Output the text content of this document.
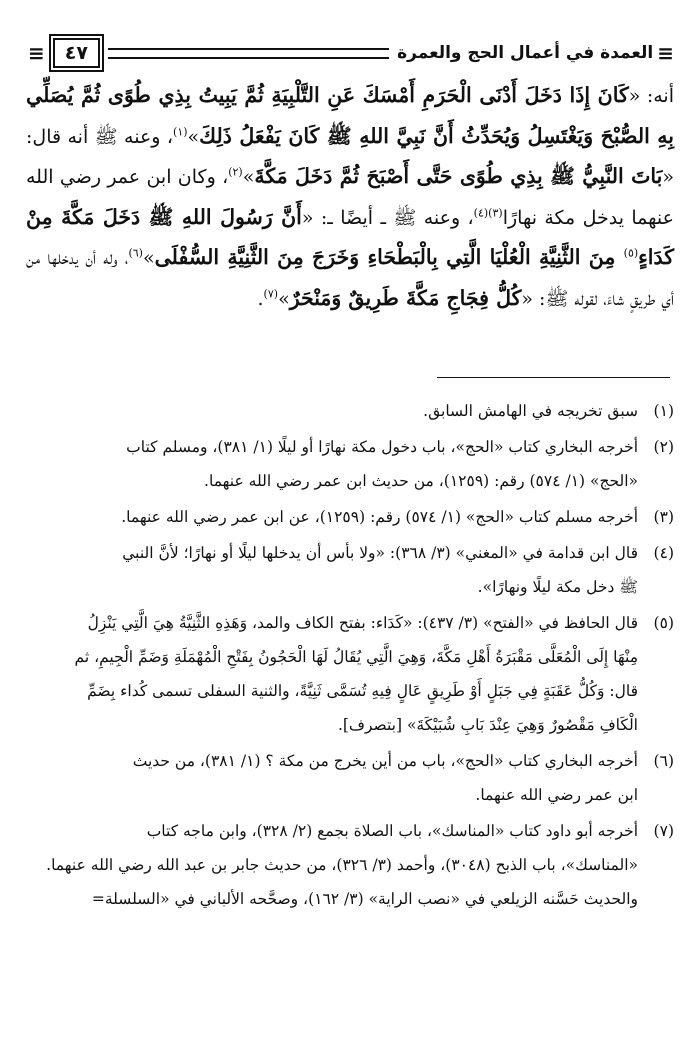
≡
العمدة في أعمال الحج والعمرة
٤٧
≡

أنه: «كَانَ إِذَا دَخَلَ أَدْنَى الْحَرَمِ أَمْسَكَ عَنِ التَّلْبِيَةِ ثُمَّ يَبِيتُ بِذِي طُوًى ثُمَّ يُصَلِّي بِهِ الصُّبْحَ وَيَغْتَسِلُ وَيُحَدِّثُ أَنَّ نَبِيَّ اللهِ ﷺ كَانَ يَفْعَلُ ذَلِكَ»$^{(١)}$، وعنه ﷺ أنه قال: «بَاتَ النَّبِيُّ ﷺ بِذِي طُوًى حَتَّى أَصْبَحَ ثُمَّ دَخَلَ مَكَّةَ»$^{(٢)}$، وكان ابن عمر رضي الله عنهما يدخل مكة نهارًا$^{(٣)(٤)}$، وعنه ﷺ ـ أيضًا ـ: «أَنَّ رَسُولَ اللهِ ﷺ دَخَلَ مَكَّةَ مِنْ كَدَاءٍ$^{(٥)}$ مِنَ الثَّنِيَّةِ الْعُلْيَا الَّتِي بِالْبَطْحَاءِ وَخَرَجَ مِنَ الثَّنِيَّةِ السُّفْلَى»$^{(٦)}$، وله أن يدخلها من أي طريقٍ شاءَ، لقوله ﷺ: «كُلُّ فِجَاجِ مَكَّةَ طَرِيقٌ وَمَنْحَرٌ»$^{(٧)}$.

(١)
سبق تخريجه في الهامش السابق.
(٢)
أخرجه البخاري كتاب «الحج»، باب دخول مكة نهارًا أو ليلًا (١/ ٣٨١)، ومسلم كتاب
«الحج» (١/ ٥٧٤) رقم: (١٢٥٩)، من حديث ابن عمر رضي الله عنهما.
(٣)
أخرجه مسلم كتاب «الحج» (١/ ٥٧٤) رقم: (١٢٥٩)، عن ابن عمر رضي الله عنهما.
(٤)
قال ابن قدامة في «المغني» (٣/ ٣٦٨): «ولا بأس أن يدخلها ليلًا أو نهارًا؛ لأنَّ النبي
ﷺ دخل مكة ليلًا ونهارًا».
(٥)
قال الحافظ في «الفتح» (٣/ ٤٣٧): «كَدَاء: بفتح الكاف والمد، وَهَذِهِ الثَّنِيَّةُ هِيَ الَّتِي يَنْزِلُ
مِنْهَا إِلَى الْمُعَلَّى مَقْبَرَةُ أَهْلِ مَكَّةَ، وَهِيَ الَّتِي يُقَالُ لَهَا الْحَجُونُ بِفَتْحِ الْمُهْمَلَةِ وَضَمِّ الْجِيمِ، ثم
قال: وَكُلُّ عَقَبَةٍ فِي جَبَلٍ أَوْ طَرِيقٍ عَالٍ فِيهِ تُسَمَّى ثَنِيَّةً، والثنية السفلى تسمى كُداء بِضَمِّ
الْكَافِ مَقْصُورٌ وَهِيَ عِنْدَ بَابِ شُبَيْكَةَ» [بتصرف].
(٦)
أخرجه البخاري كتاب «الحج»، باب من أين يخرج من مكة ؟ (١/ ٣٨١)، من حديث
ابن عمر رضي الله عنهما.
(٧)
أخرجه أبو داود كتاب «المناسك»، باب الصلاة بجمع (٢/ ٣٢٨)، وابن ماجه كتاب
«المناسك»، باب الذبح (٣٠٤٨)، وأحمد (٣/ ٣٢٦)، من حديث جابر بن عبد الله رضي الله عنهما.
والحديث حَسَّنه الزيلعي في «نصب الراية» (٣/ ١٦٢)، وصحَّحه الألباني في «السلسلة=
